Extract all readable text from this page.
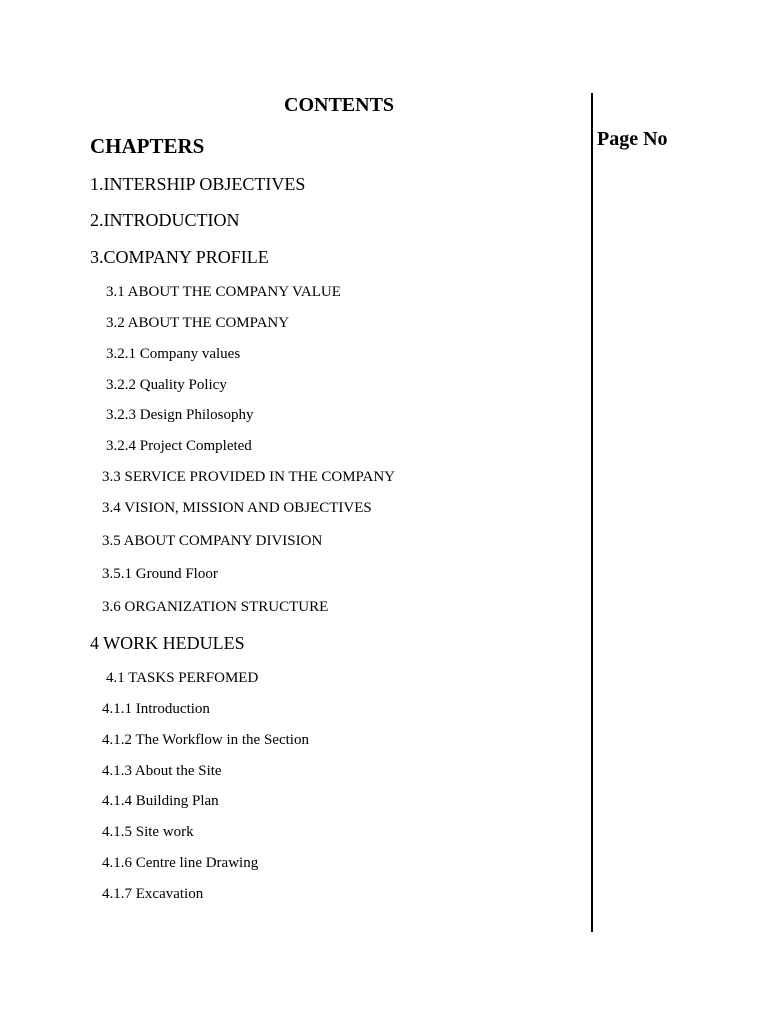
CONTENTS
CHAPTERS	Page No
1.INTERSHIP OBJECTIVES
2.INTRODUCTION
3.COMPANY PROFILE
3.1 ABOUT THE COMPANY VALUE
3.2 ABOUT THE COMPANY
3.2.1 Company values
3.2.2 Quality Policy
3.2.3 Design Philosophy
3.2.4 Project Completed
3.3 SERVICE PROVIDED IN THE COMPANY
3.4 VISION, MISSION AND OBJECTIVES
3.5 ABOUT COMPANY DIVISION
3.5.1 Ground Floor
3.6 ORGANIZATION STRUCTURE
4 WORK HEDULES
4.1 TASKS PERFOMED
4.1.1 Introduction
4.1.2 The Workflow in the Section
4.1.3 About the Site
4.1.4 Building Plan
4.1.5 Site work
4.1.6 Centre line Drawing
4.1.7 Excavation
